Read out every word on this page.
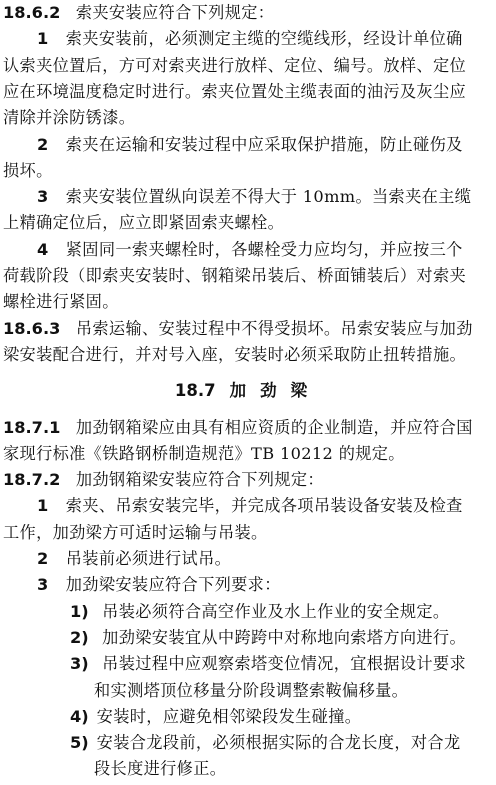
18.6.2 索夹安装应符合下列规定：
1 索夹安装前，必须测定主缆的空缆线形，经设计单位确
认索夹位置后，方可对索夹进行放样、定位、编号。放样、定位
应在环境温度稳定时进行。索夹位置处主缆表面的油污及灰尘应
清除并涂防锈漆。
2 索夹在运输和安装过程中应采取保护措施，防止碰伤及
损坏。
3 索夹安装位置纵向误差不得大于 10mm。当索夹在主缆
上精确定位后，应立即紧固索夹螺栓。
4 紧固同一索夹螺栓时，各螺栓受力应均匀，并应按三个
荷载阶段（即索夹安装时、钢箱梁吊装后、桥面铺装后）对索夹
螺栓进行紧固。
18.6.3 吊索运输、安装过程中不得受损坏。吊索安装应与加劲
梁安装配合进行，并对号入座，安装时必须采取防止扭转措施。
18.7 加劲梁
18.7.1 加劲钢箱梁应由具有相应资质的企业制造，并应符合国
家现行标准《铁路钢桥制造规范》TB 10212 的规定。
18.7.2 加劲钢箱梁安装应符合下列规定：
1 索夹、吊索安装完毕，并完成各项吊装设备安装及检查
工作，加劲梁方可适时运输与吊装。
2 吊装前必须进行试吊。
3 加劲梁安装应符合下列要求：
1) 吊装必须符合高空作业及水上作业的安全规定。
2) 加劲梁安装宜从中跨跨中对称地向索塔方向进行。
3) 吊装过程中应观察索塔变位情况，宜根据设计要求
和实测塔顶位移量分阶段调整索鞍偏移量。
4) 安装时，应避免相邻梁段发生碰撞。
5) 安装合龙段前，必须根据实际的合龙长度，对合龙
段长度进行修正。
